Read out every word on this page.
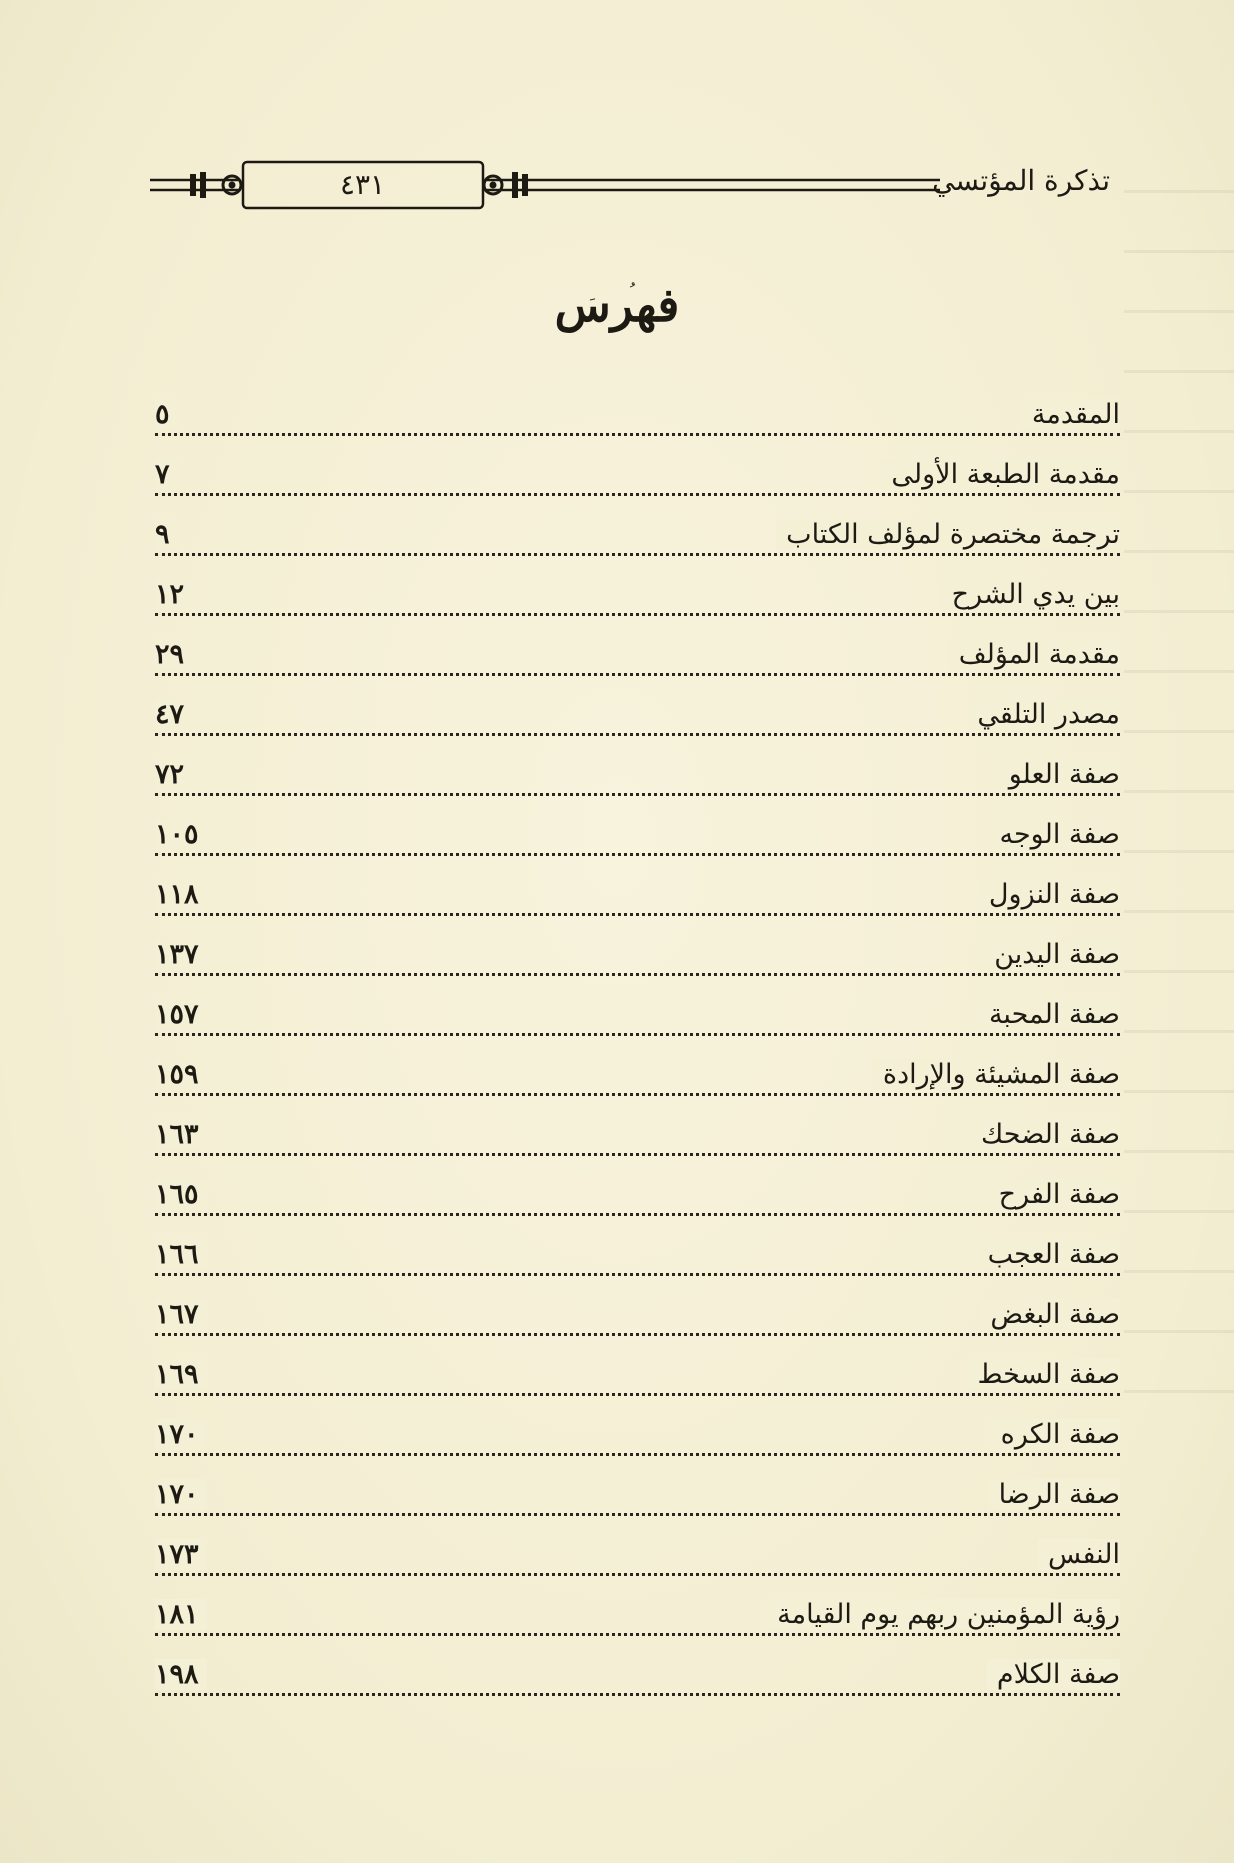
٤٣١	تذكرة المؤتسي
فهرس
المقدمة
٥
مقدمة الطبعة الأولى
٧
ترجمة مختصرة لمؤلف الكتاب
٩
بين يدي الشرح
١٢
مقدمة المؤلف
٢٩
مصدر التلقي
٤٧
صفة العلو
٧٢
صفة الوجه
١٠٥
صفة النزول
١١٨
صفة اليدين
١٣٧
صفة المحبة
١٥٧
صفة المشيئة والإرادة
١٥٩
صفة الضحك
١٦٣
صفة الفرح
١٦٥
صفة العجب
١٦٦
صفة البغض
١٦٧
صفة السخط
١٦٩
صفة الكره
١٧٠
صفة الرضا
١٧٠
النفس
١٧٣
رؤية المؤمنين ربهم يوم القيامة
١٨١
صفة الكلام
١٩٨
